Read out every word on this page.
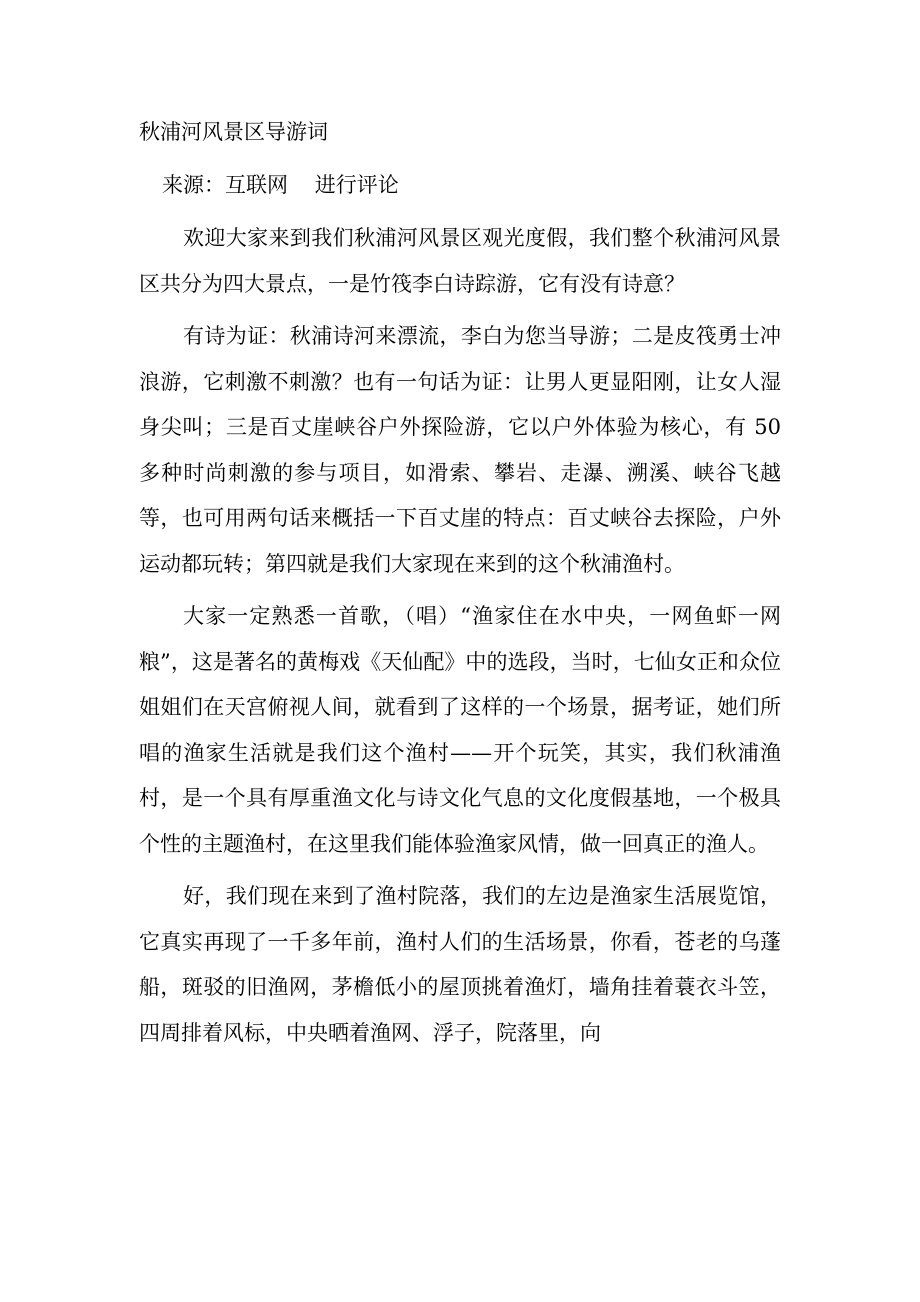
秋浦河风景区导游词
来源：互联网    进行评论

欢迎大家来到我们秋浦河风景区观光度假，我们整个秋浦河风景区共分为四大景点，一是竹筏李白诗踪游，它有没有诗意？

有诗为证：秋浦诗河来漂流，李白为您当导游；二是皮筏勇士冲浪游，它刺激不刺激？也有一句话为证：让男人更显阳刚，让女人湿身尖叫；三是百丈崖峡谷户外探险游，它以户外体验为核心，有 50 多种时尚刺激的参与项目，如滑索、攀岩、走瀑、溯溪、峡谷飞越等，也可用两句话来概括一下百丈崖的特点：百丈峡谷去探险，户外运动都玩转；第四就是我们大家现在来到的这个秋浦渔村。

大家一定熟悉一首歌，（唱）“渔家住在水中央，一网鱼虾一网粮”，这是著名的黄梅戏《天仙配》中的选段，当时，七仙女正和众位姐姐们在天宫俯视人间，就看到了这样的一个场景，据考证，她们所唱的渔家生活就是我们这个渔村——开个玩笑，其实，我们秋浦渔村，是一个具有厚重渔文化与诗文化气息的文化度假基地，一个极具个性的主题渔村，在这里我们能体验渔家风情，做一回真正的渔人。

好，我们现在来到了渔村院落，我们的左边是渔家生活展览馆，它真实再现了一千多年前，渔村人们的生活场景，你看，苍老的乌蓬船，斑驳的旧渔网，茅檐低小的屋顶挑着渔灯，墙角挂着蓑衣斗笠，四周排着风标，中央晒着渔网、浮子，院落里，向
